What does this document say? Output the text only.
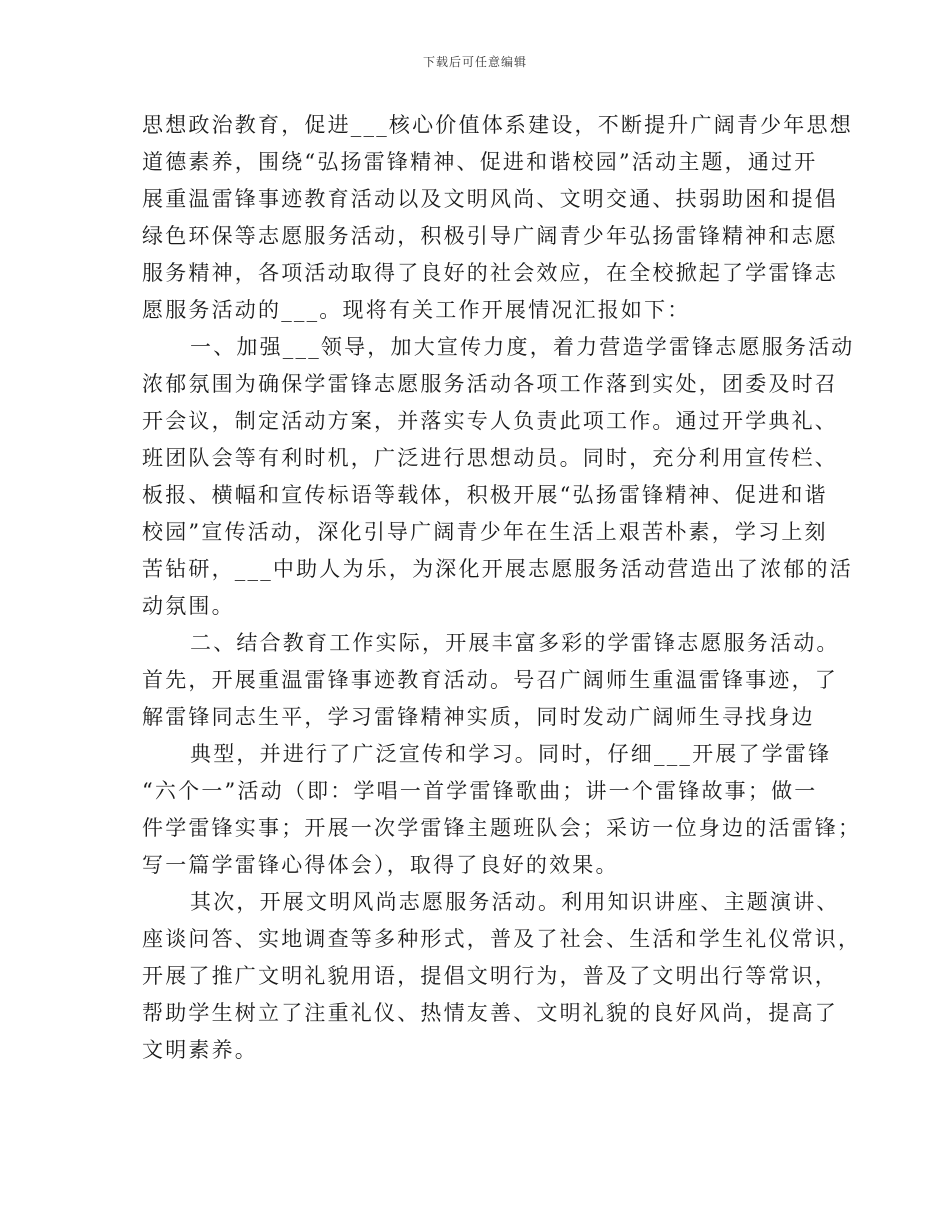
下载后可任意编辑

思想政治教育，促进___核心价值体系建设，不断提升广阔青少年思想
道德素养，围绕“弘扬雷锋精神、促进和谐校园”活动主题，通过开
展重温雷锋事迹教育活动以及文明风尚、文明交通、扶弱助困和提倡
绿色环保等志愿服务活动，积极引导广阔青少年弘扬雷锋精神和志愿
服务精神，各项活动取得了良好的社会效应，在全校掀起了学雷锋志
愿服务活动的___。现将有关工作开展情况汇报如下：

一、加强___领导，加大宣传力度，着力营造学雷锋志愿服务活动
浓郁氛围为确保学雷锋志愿服务活动各项工作落到实处，团委及时召
开会议，制定活动方案，并落实专人负责此项工作。通过开学典礼、
班团队会等有利时机，广泛进行思想动员。同时，充分利用宣传栏、
板报、横幅和宣传标语等载体，积极开展“弘扬雷锋精神、促进和谐
校园”宣传活动，深化引导广阔青少年在生活上艰苦朴素，学习上刻
苦钻研，___中助人为乐，为深化开展志愿服务活动营造出了浓郁的活
动氛围。

二、结合教育工作实际，开展丰富多彩的学雷锋志愿服务活动。
首先，开展重温雷锋事迹教育活动。号召广阔师生重温雷锋事迹，了
解雷锋同志生平，学习雷锋精神实质，同时发动广阔师生寻找身边

典型，并进行了广泛宣传和学习。同时，仔细___开展了学雷锋
“六个一”活动（即：学唱一首学雷锋歌曲；讲一个雷锋故事；做一
件学雷锋实事；开展一次学雷锋主题班队会；采访一位身边的活雷锋；
写一篇学雷锋心得体会），取得了良好的效果。

其次，开展文明风尚志愿服务活动。利用知识讲座、主题演讲、
座谈问答、实地调查等多种形式，普及了社会、生活和学生礼仪常识，
开展了推广文明礼貌用语，提倡文明行为，普及了文明出行等常识，
帮助学生树立了注重礼仪、热情友善、文明礼貌的良好风尚，提高了
文明素养。
